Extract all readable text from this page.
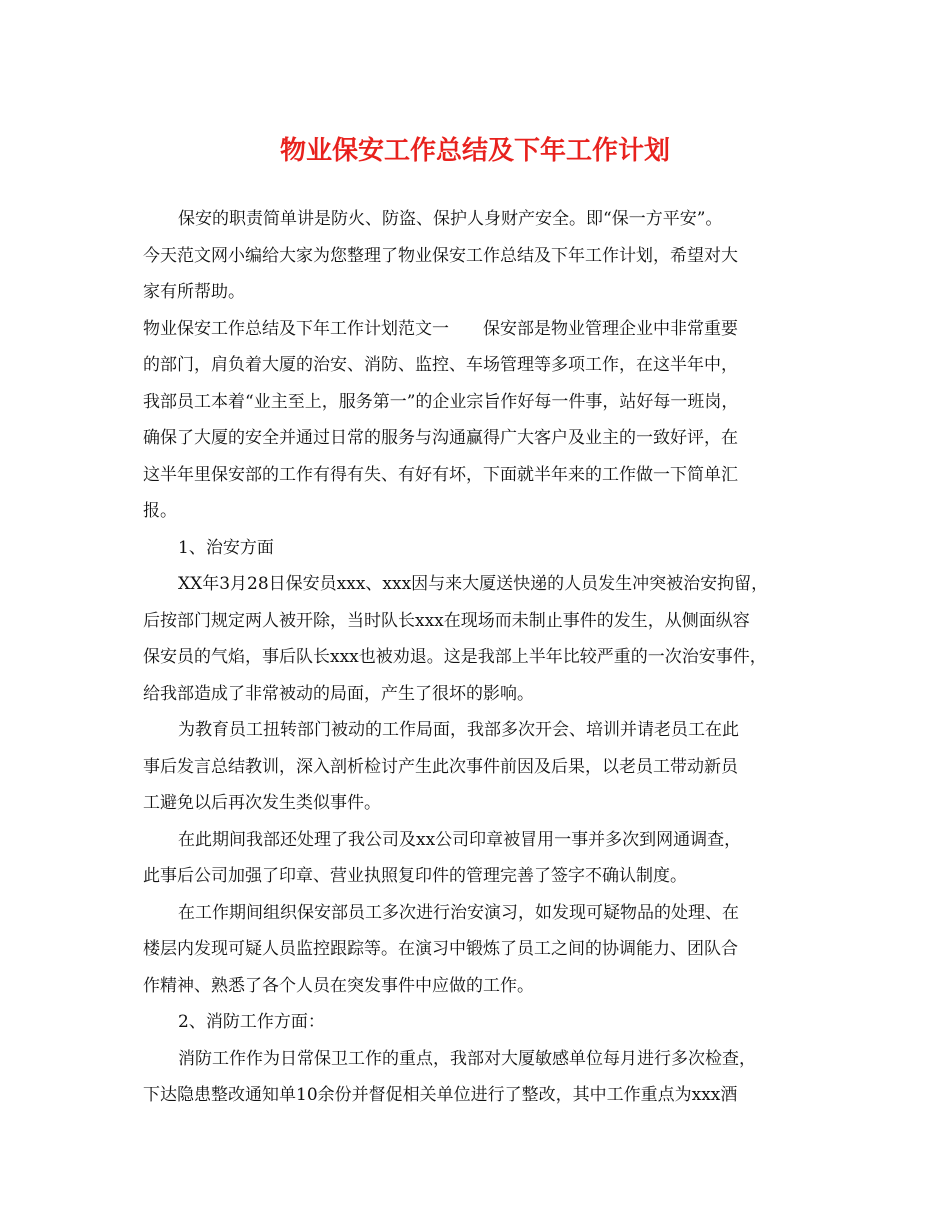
物业保安工作总结及下年工作计划

保安的职责简单讲是防火、防盗、保护人身财产安全。即“保一方平安”。

今天范文网小编给大家为您整理了物业保安工作总结及下年工作计划，希望对大

家有所帮助。

物业保安工作总结及下年工作计划范文一　　保安部是物业管理企业中非常重要

的部门，肩负着大厦的治安、消防、监控、车场管理等多项工作，在这半年中，

我部员工本着“业主至上，服务第一”的企业宗旨作好每一件事，站好每一班岗，

确保了大厦的安全并通过日常的服务与沟通赢得广大客户及业主的一致好评，在

这半年里保安部的工作有得有失、有好有坏，下面就半年来的工作做一下简单汇

报。

1、治安方面

XX年3月28日保安员xxx、xxx因与来大厦送快递的人员发生冲突被治安拘留，

后按部门规定两人被开除，当时队长xxx在现场而未制止事件的发生，从侧面纵容

保安员的气焰，事后队长xxx也被劝退。这是我部上半年比较严重的一次治安事件，

给我部造成了非常被动的局面，产生了很坏的影响。

为教育员工扭转部门被动的工作局面，我部多次开会、培训并请老员工在此

事后发言总结教训，深入剖析检讨产生此次事件前因及后果，以老员工带动新员

工避免以后再次发生类似事件。

在此期间我部还处理了我公司及xx公司印章被冒用一事并多次到网通调查，

此事后公司加强了印章、营业执照复印件的管理完善了签字不确认制度。

在工作期间组织保安部员工多次进行治安演习，如发现可疑物品的处理、在

楼层内发现可疑人员监控跟踪等。在演习中锻炼了员工之间的协调能力、团队合

作精神、熟悉了各个人员在突发事件中应做的工作。

2、消防工作方面：

消防工作作为日常保卫工作的重点，我部对大厦敏感单位每月进行多次检查，

下达隐患整改通知单10余份并督促相关单位进行了整改，其中工作重点为xxx酒
